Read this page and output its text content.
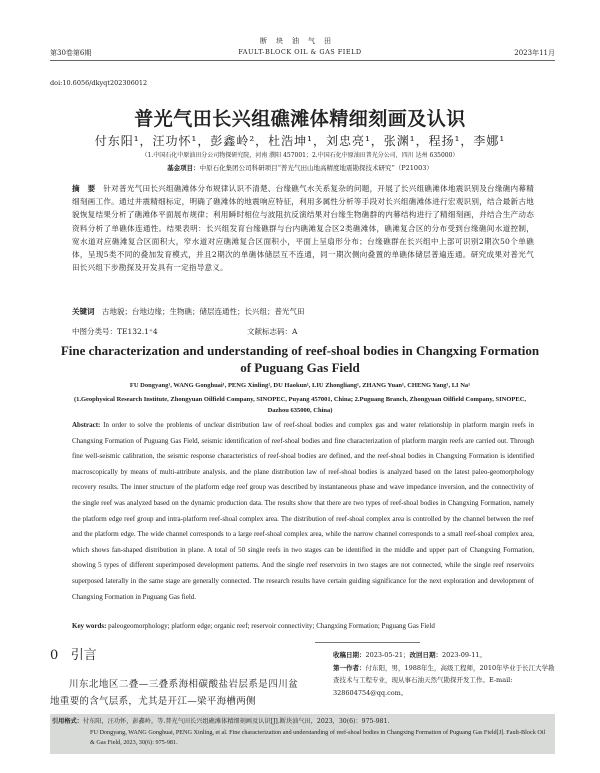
第30卷第6期
断块油气田
FAULT-BLOCK OIL & GAS FIELD	2023年11月
doi:10.6056/dkyqt202306012
普光气田长兴组礁滩体精细刻画及认识
付东阳¹，汪功怀¹，彭鑫岭²，杜浩坤¹，刘忠亮¹，张渊¹，程扬¹，李娜¹
（1.中国石化中原油田分公司物探研究院，河南 濮阳 457001；2.中国石化中原油田普光分公司，四川 达州 635000）
基金项目：中原石化集团公司科研项目“普光气田山地高精度地震勘探技术研究”（P21003）
摘　要　 针对普光气田长兴组礁滩体分布规律认识不清楚、台缘礁气水关系复杂的问题，开展了长兴组礁滩体地震识别及台缘礁内幕精细刻画工作。通过井震精细标定，明确了礁滩体的地震响应特征，利用多属性分析等手段对长兴组礁滩体进行宏观识别，结合最新古地貌恢复结果分析了礁滩体平面展布规律；利用瞬时相位与波阻抗反演结果对台缘生物礁群的内幕结构进行了精细刻画，并结合生产动态资料分析了单礁体连通性。结果表明：长兴组发育台缘礁群与台内礁滩复合区2类礁滩体，礁滩复合区的分布受到台缘礁间水道控制，宽水道对应礁滩复合区面积大，窄水道对应礁滩复合区面积小，平面上呈扇形分布；台缘礁群在长兴组中上部可识别2期次50个单礁体，呈现5类不同的叠加发育模式，并且2期次的单礁体储层互不连通，同一期次侧向叠置的单礁体储层普遍连通。研究成果对普光气田长兴组下步勘探及开发具有一定指导意义。
关键词　 古地貌；台地边缘；生物礁；储层连通性；长兴组；普光气田
中图分类号：TE132.1⁺4	文献标志码：A
Fine characterization and understanding of reef-shoal bodies in Changxing Formation of Puguang Gas Field
FU Dongyang¹, WANG Gonghuai¹, PENG Xinling², DU Haokun¹, LIU Zhongliang¹, ZHANG Yuan¹, CHENG Yang¹, LI Na¹
(1.Geophysical Research Institute, Zhongyuan Oilfield Company, SINOPEC, Puyang 457001, China; 2.Puguang Branch, Zhongyuan Oilfield Company, SINOPEC, Dazhou 635000, China)
Abstract: In order to solve the problems of unclear distribution law of reef-shoal bodies and complex gas and water relationship in platform margin reefs in Changxing Formation of Puguang Gas Field, seismic identification of reef-shoal bodies and fine characterization of platform margin reefs are carried out. Through fine well-seismic calibration, the seismic response characteristics of reef-shoal bodies are defined, and the reef-shoal bodies in Changxing Formation is identified macroscopically by means of multi-attribute analysis, and the plane distribution law of reef-shoal bodies is analyzed based on the latest paleo-geomorphology recovery results. The inner structure of the platform edge reef group was described by instantaneous phase and wave impedance inversion, and the connectivity of the single reef was analyzed based on the dynamic production data. The results show that there are two types of reef-shoal bodies in Changxing Formation, namely the platform edge reef group and intra-platform reef-shoal complex area. The distribution of reef-shoal complex area is controlled by the channel between the reef and the platform edge. The wide channel corresponds to a large reef-shoal complex area, while the narrow channel corresponds to a small reef-shoal complex area, which shows fan-shaped distribution in plane. A total of 50 single reefs in two stages can be identified in the middle and upper part of Changxing Formation, showing 5 types of different superimposed development patterns. And the single reef reservoirs in two stages are not connected, while the single reef reservoirs superposed laterally in the same stage are generally connected. The research results have certain guiding significance for the next exploration and development of Changxing Formation in Puguang Gas field.
Key words: paleogeomorphology; platform edge; organic reef; reservoir connectivity; Changxing Formation; Puguang Gas Field
0 引言
川东北地区二叠—三叠系海相碳酸盐岩层系是四川盆地重要的含气层系，尤其是开江—梁平海槽两侧
收稿日期：2023-05-21；改回日期：2023-09-11。
第一作者：付东阳，男，1988年生，高级工程师，2010年毕业于长江大学勘查技术与工程专业，现从事石油天然气勘探开发工作。E-mail: 328604754@qq.com。
引用格式：付东阳，汪功怀，彭鑫岭，等.普光气田长兴组礁滩体精细刻画及认识[J].断块油气田，2023，30(6)：975-981.
FU Dongyang, WANG Gonghuai, PENG Xinling, et al. Fine characterization and understanding of reef-shoal bodies in Changxing Formation of Puguang Gas Field[J]. Fault-Block Oil & Gas Field, 2023, 30(6): 975-981.
